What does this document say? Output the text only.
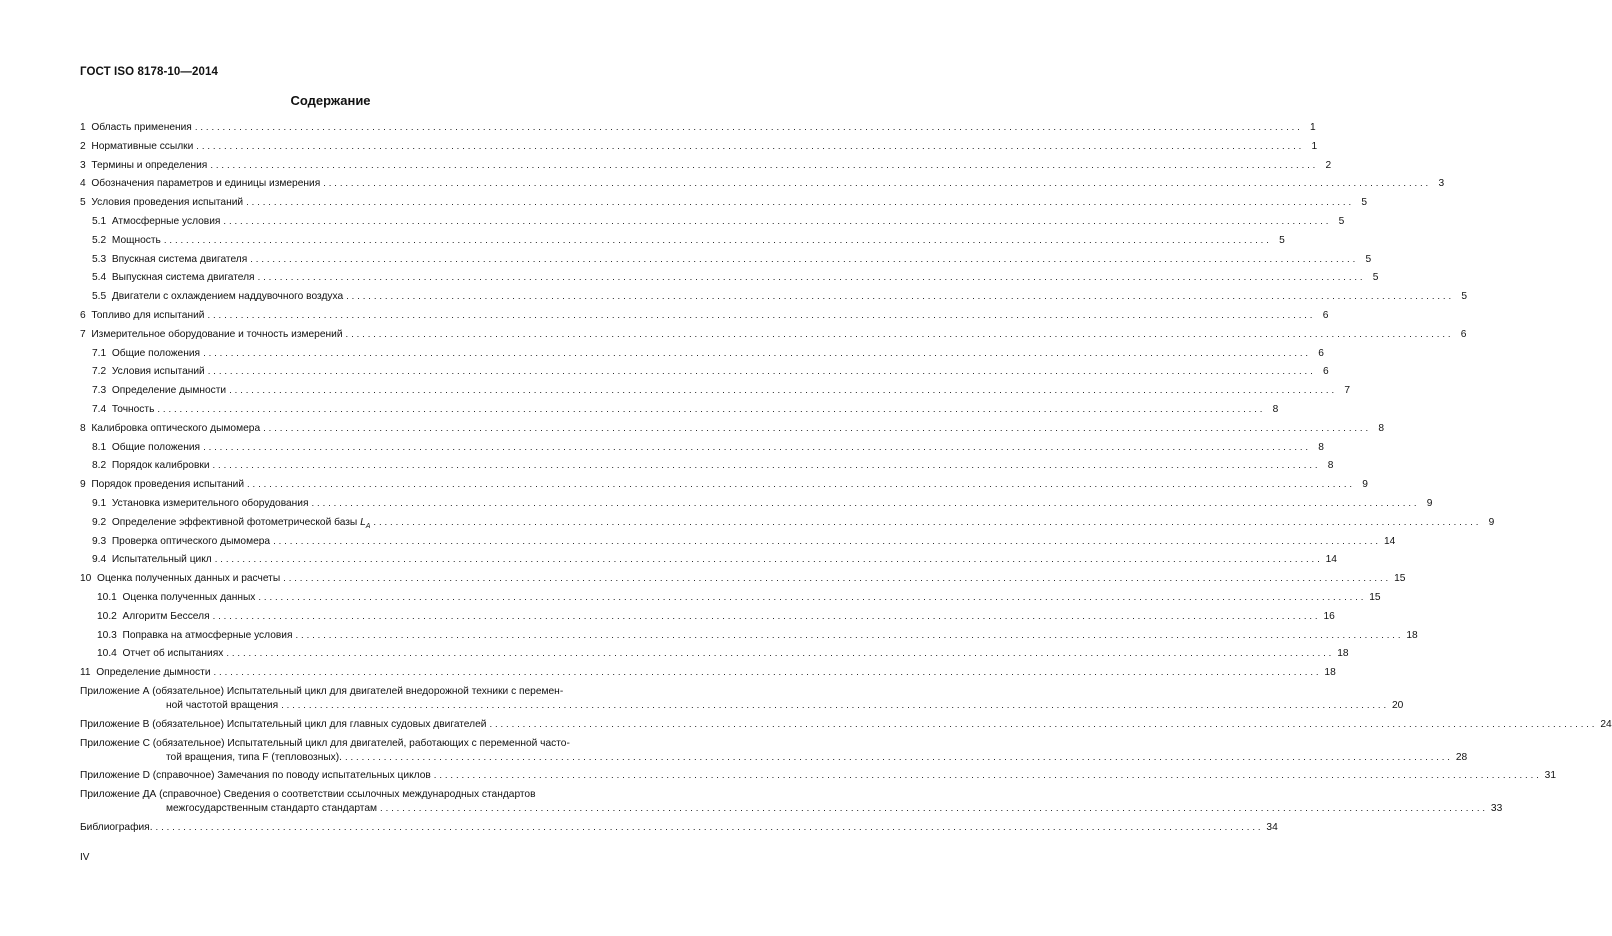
ГОСТ ISO 8178-10—2014
Содержание
1
Область применения ........................................................................................................................................................................................................ 1
2
Нормативные ссылки ........................................................................................................................................................................................................ 1
3
Термины и определения ........................................................................................................................................................................................................ 2
4
Обозначения параметров и единицы измерения ........................................................................................................................................................................................................ 3
5
Условия проведения испытаний ........................................................................................................................................................................................................ 5
5.1
Атмосферные условия ........................................................................................................................................................................................................ 5
5.2
Мощность ........................................................................................................................................................................................................ 5
5.3
Впускная система двигателя ........................................................................................................................................................................................................ 5
5.4
Выпускная система двигателя ........................................................................................................................................................................................................ 5
5.5
Двигатели с охлаждением наддувочного воздуха ........................................................................................................................................................................................................ 5
6
Топливо для испытаний ........................................................................................................................................................................................................ 6
7
Измерительное оборудование и точность измерений ........................................................................................................................................................................................................ 6
7.1
Общие положения ........................................................................................................................................................................................................ 6
7.2
Условия испытаний ........................................................................................................................................................................................................ 6
7.3
Определение дымности ........................................................................................................................................................................................................ 7
7.4
Точность ........................................................................................................................................................................................................ 8
8
Калибровка оптического дымомера ........................................................................................................................................................................................................ 8
8.1
Общие положения ........................................................................................................................................................................................................ 8
8.2
Порядок калибровки ........................................................................................................................................................................................................ 8
9
Порядок проведения испытаний ........................................................................................................................................................................................................ 9
9.1
Установка измерительного оборудования ........................................................................................................................................................................................................ 9
9.2
Определение эффективной фотометрической базы $L_A$ ........................................................................................................................................................................................................ 9
9.3
Проверка оптического дымомера ........................................................................................................................................................................................................ 14
9.4
Испытательный цикл ........................................................................................................................................................................................................ 14
10
Оценка полученных данных и расчеты ........................................................................................................................................................................................................ 15
10.1
Оценка полученных данных ........................................................................................................................................................................................................ 15
10.2
Алгоритм Бесселя ........................................................................................................................................................................................................ 16
10.3
Поправка на атмосферные условия ........................................................................................................................................................................................................ 18
10.4
Отчет об испытаниях ........................................................................................................................................................................................................ 18
11
Определение дымности ........................................................................................................................................................................................................ 18
Приложение А (обязательное) Испытательный цикл для двигателей внедорожной техники с перемен-
ной частотой вращения ........................................................................................................................................................................................................ 20
Приложение В (обязательное) Испытательный цикл для главных судовых двигателей ........................................................................................................................................................................................................ 24
Приложение С (обязательное) Испытательный цикл для двигателей, работающих с переменной часто-
той вращения, типа F (тепловозных). ........................................................................................................................................................................................................ 28
Приложение D (справочное) Замечания по поводу испытательных циклов ........................................................................................................................................................................................................ 31
Приложение ДА (справочное) Сведения о соответствии ссылочных международных стандартов
межгосударственным стандарто стандартам ........................................................................................................................................................................................................ 33
Библиография. ........................................................................................................................................................................................................ 34
IV
